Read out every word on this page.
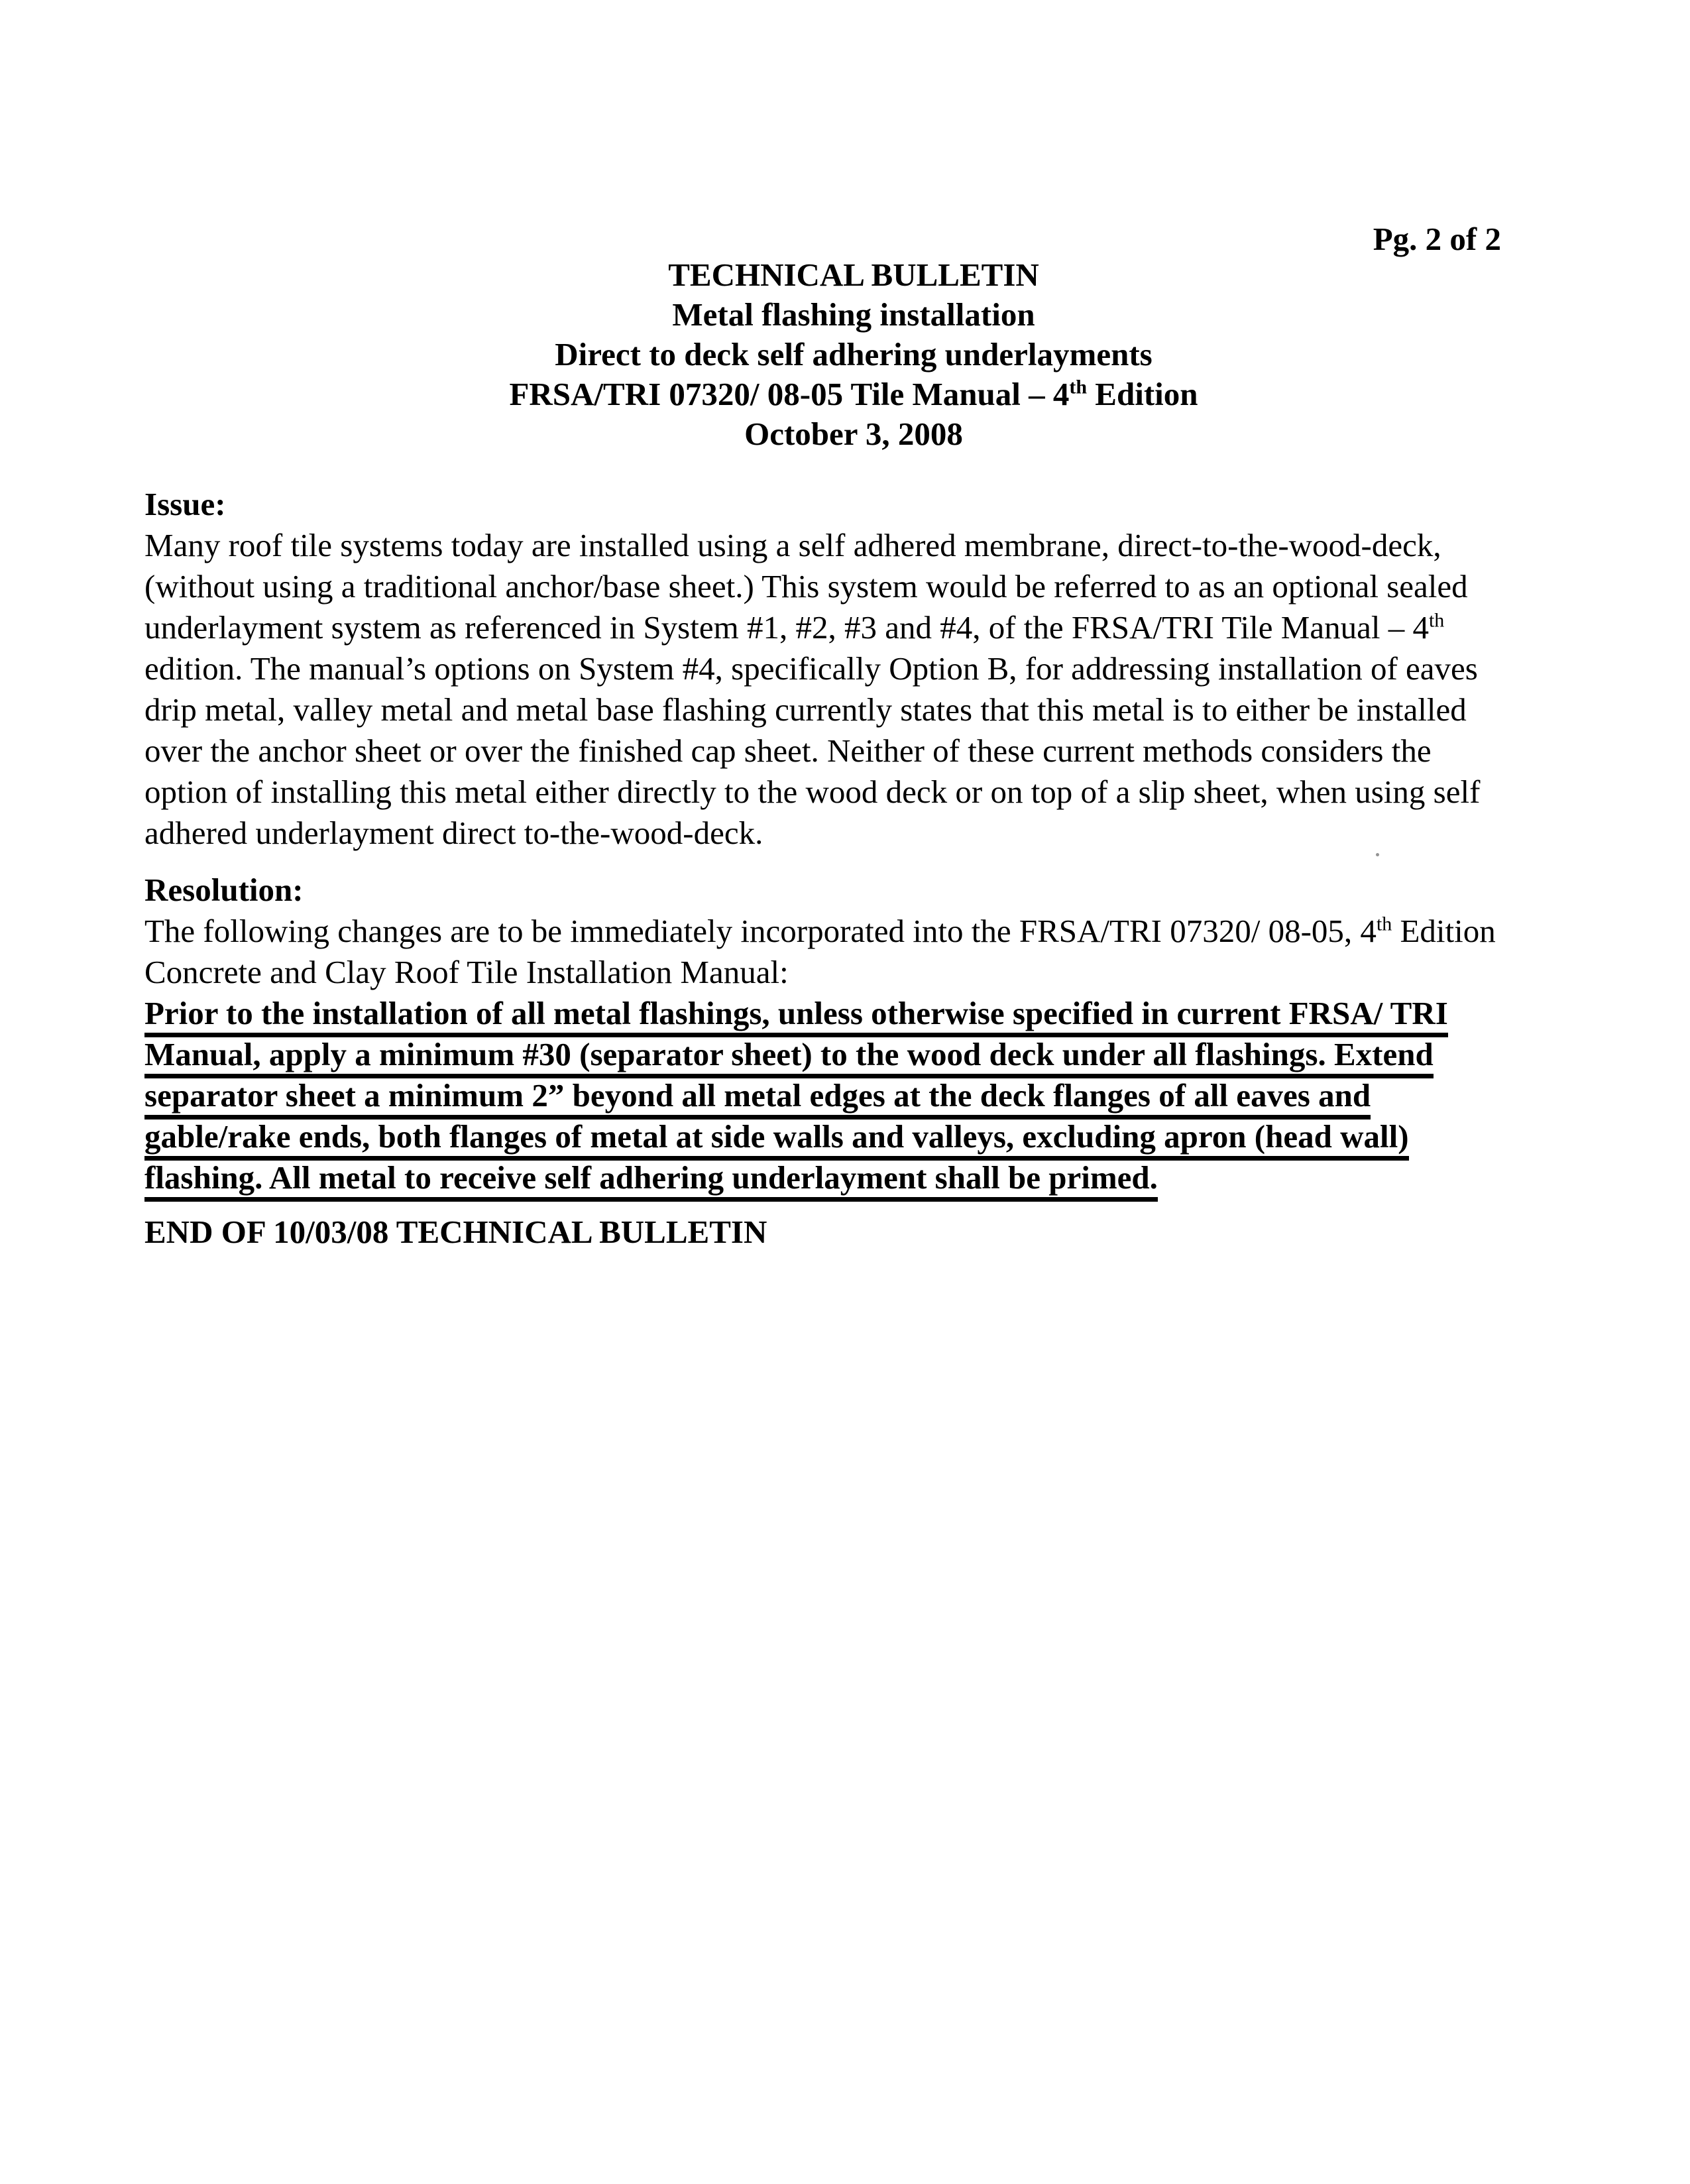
Pg. 2 of 2
TECHNICAL BULLETIN
Metal flashing installation
Direct to deck self adhering underlayments
FRSA/TRI 07320/ 08-05 Tile Manual – 4th Edition
October 3, 2008
Issue:
Many roof tile systems today are installed using a self adhered membrane, direct-to-the-wood-deck,
(without using a traditional anchor/base sheet.) This system would be referred to as an optional sealed
underlayment system as referenced in System #1, #2, #3 and #4, of the FRSA/TRI Tile Manual – 4th
edition. The manual’s options on System #4, specifically Option B, for addressing installation of eaves
drip metal, valley metal and metal base flashing currently states that this metal is to either be installed
over the anchor sheet or over the finished cap sheet. Neither of these current methods considers the
option of installing this metal either directly to the wood deck or on top of a slip sheet, when using self
adhered underlayment direct to-the-wood-deck.
Resolution:
The following changes are to be immediately incorporated into the FRSA/TRI 07320/ 08-05, 4th Edition
Concrete and Clay Roof Tile Installation Manual:
Prior to the installation of all metal flashings, unless otherwise specified in current FRSA/ TRI
Manual, apply a minimum #30 (separator sheet) to the wood deck under all flashings. Extend
separator sheet a minimum 2” beyond all metal edges at the deck flanges of all eaves and
gable/rake ends, both flanges of metal at side walls and valleys, excluding apron (head wall)
flashing. All metal to receive self adhering underlayment shall be primed.
END OF 10/03/08 TECHNICAL BULLETIN
